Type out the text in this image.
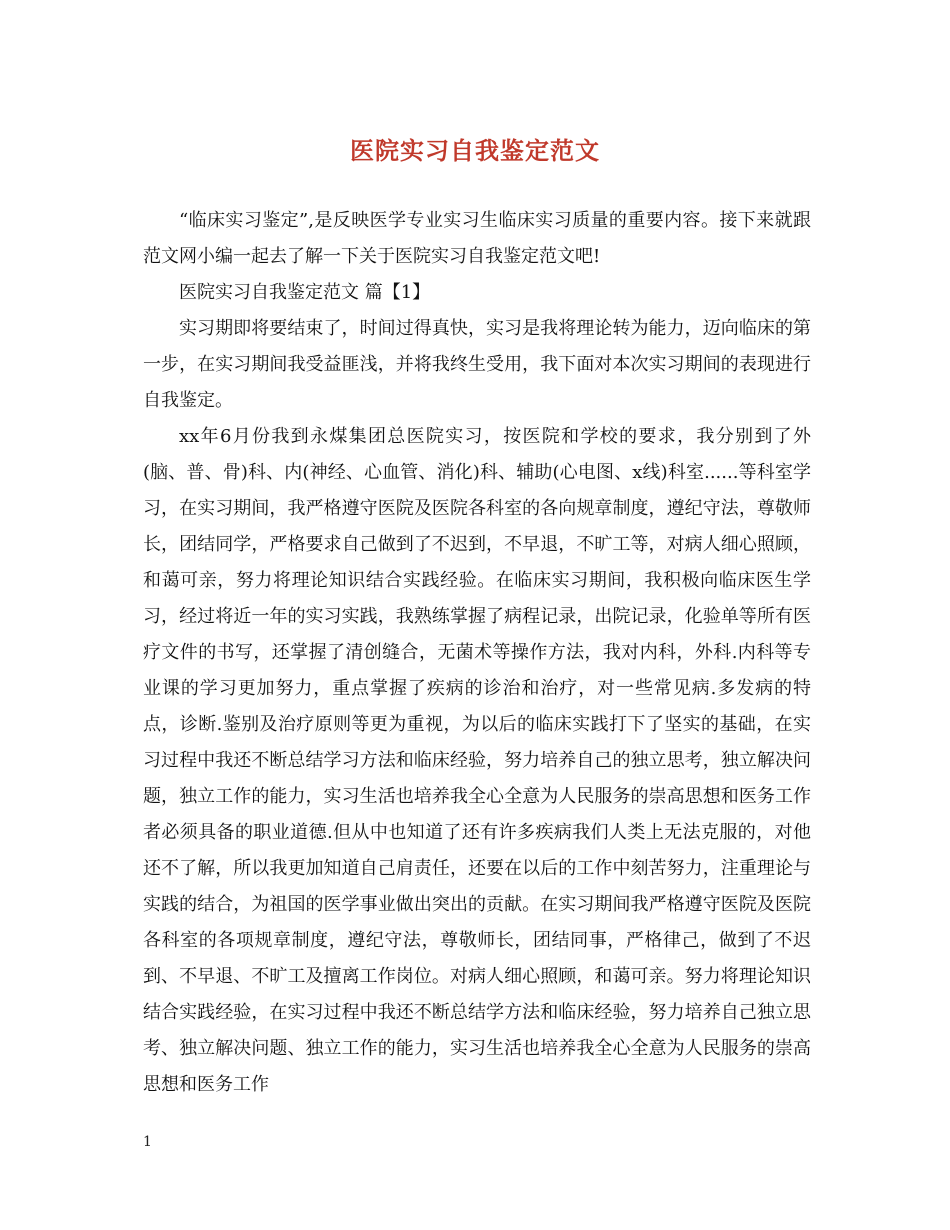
医院实习自我鉴定范文

“临床实习鉴定”,是反映医学专业实习生临床实习质量的重要内容。接下来就跟范文网小编一起去了解一下关于医院实习自我鉴定范文吧!

医院实习自我鉴定范文 篇【1】

实习期即将要结束了，时间过得真快，实习是我将理论转为能力，迈向临床的第一步，在实习期间我受益匪浅，并将我终生受用，我下面对本次实习期间的表现进行自我鉴定。

xx年6月份我到永煤集团总医院实习，按医院和学校的要求，我分别到了外(脑、普、骨)科、内(神经、心血管、消化)科、辅助(心电图、x线)科室......等科室学习，在实习期间，我严格遵守医院及医院各科室的各向规章制度，遵纪守法，尊敬师长，团结同学，严格要求自己做到了不迟到，不早退，不旷工等，对病人细心照顾，和蔼可亲，努力将理论知识结合实践经验。在临床实习期间，我积极向临床医生学习，经过将近一年的实习实践，我熟练掌握了病程记录，出院记录，化验单等所有医疗文件的书写，还掌握了清创缝合，无菌术等操作方法，我对内科，外科.内科等专业课的学习更加努力，重点掌握了疾病的诊治和治疗，对一些常见病.多发病的特点，诊断.鉴别及治疗原则等更为重视，为以后的临床实践打下了坚实的基础，在实习过程中我还不断总结学习方法和临床经验，努力培养自己的独立思考，独立解决问题，独立工作的能力，实习生活也培养我全心全意为人民服务的崇高思想和医务工作者必须具备的职业道德.但从中也知道了还有许多疾病我们人类上无法克服的，对他还不了解，所以我更加知道自己肩责任，还要在以后的工作中刻苦努力，注重理论与实践的结合，为祖国的医学事业做出突出的贡献。在实习期间我严格遵守医院及医院各科室的各项规章制度，遵纪守法，尊敬师长，团结同事，严格律己，做到了不迟到、不早退、不旷工及擅离工作岗位。对病人细心照顾，和蔼可亲。努力将理论知识结合实践经验，在实习过程中我还不断总结学方法和临床经验，努力培养自己独立思考、独立解决问题、独立工作的能力，实习生活也培养我全心全意为人民服务的崇高思想和医务工作

1
